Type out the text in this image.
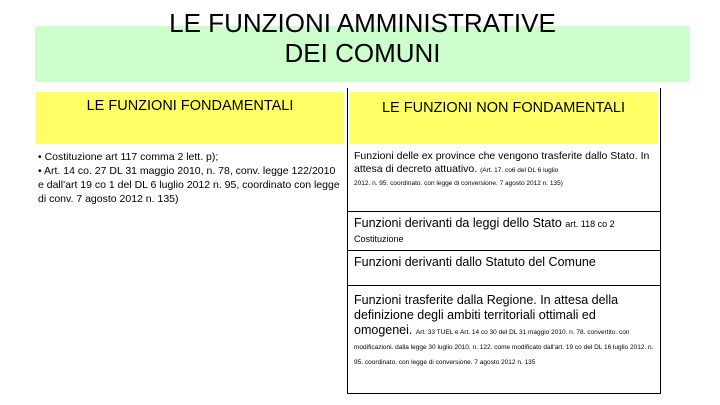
LE FUNZIONI AMMINISTRATIVE
DEI COMUNI
LE FUNZIONI FONDAMENTALI	LE FUNZIONI NON FONDAMENTALI

• Costituzione art 117 comma 2 lett. p);

• Art. 14 co. 27 DL 31 maggio 2010, n. 78, conv. legge 122/2010 e dall'art 19 co 1 del DL 6 luglio 2012 n. 95, coordinato con legge di conv. 7 agosto 2012 n. 135)

Funzioni delle ex province che vengono trasferite dallo Stato. In attesa di decreto attuativo. (Art. 17. co6 del DL 6 luglio
2012. n. 95. coordinato. con legge di conversione. 7 agosto 2012 n. 135)
Funzioni derivanti da leggi dello Stato art. 118 co 2
Costituzione
Funzioni derivanti dallo Statuto del Comune
Funzioni trasferite dalla Regione. In attesa della definizione degli ambiti territoriali ottimali ed omogenei. Art. 33 TUEL e Art. 14 co 30 del DL 31 maggio 2010. n. 78. convertito. con modificazioni. dalla legge 30 luglio 2010. n. 122. come modificato dall'art. 19 co del DL 16 luglio 2012. n. 95. coordinato. con legge di conversione. 7 agosto 2012 n. 135
